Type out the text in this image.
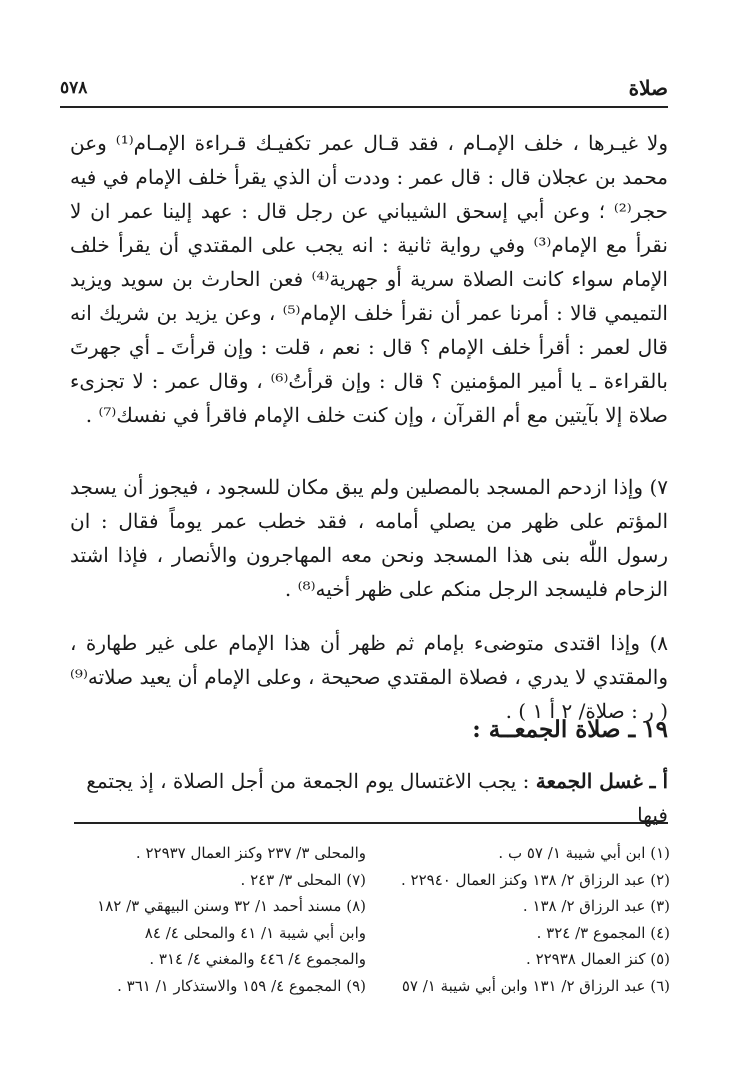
صلاة
٥٧٨

ولا غيـرها ، خلف الإمـام ، فقد قـال عمر تكفيـك قـراءة الإمـام⁽¹⁾ وعن محمد بن عجلان قال : قال عمر : وددت أن الذي يقرأ خلف الإمام في فيه حجر⁽²⁾ ؛ وعن أبي إسحق الشيباني عن رجل قال : عهد إلينا عمر ان لا نقرأ مع الإمام⁽³⁾ وفي رواية ثانية : انه يجب على المقتدي أن يقرأ خلف الإمام سواء كانت الصلاة سرية أو جهرية⁽⁴⁾ فعن الحارث بن سويد ويزيد التميمي قالا : أمرنا عمر أن نقرأ خلف الإمام⁽⁵⁾ ، وعن يزيد بن شريك انه قال لعمر : أقرأ خلف الإمام ؟ قال : نعم ، قلت : وإن قرأتَ ـ أي جهرتَ بالقراءة ـ يا أمير المؤمنين ؟ قال : وإن قرأتُ⁽⁶⁾ ، وقال عمر : لا تجزىء صلاة إلا بآيتين مع أم القرآن ، وإن كنت خلف الإمام فاقرأ في نفسك⁽⁷⁾ .

٧) وإذا ازدحم المسجد بالمصلين ولم يبق مكان للسجود ، فيجوز أن يسجد المؤتم على ظهر من يصلي أمامه ، فقد خطب عمر يوماً فقال : ان رسول اللّٰه بنى هذا المسجد ونحن معه المهاجرون والأنصار ، فإذا اشتد الزحام فليسجد الرجل منكم على ظهر أخيه⁽⁸⁾ .

٨) وإذا اقتدى متوضىء بإمام ثم ظهر أن هذا الإمام على غير طهارة ، والمقتدي لا يدري ، فصلاة المقتدي صحيحة ، وعلى الإمام أن يعيد صلاته⁽⁹⁾ ( ر : صلاة/ ٢ أ ١ ) .

١٩ ـ صلاة الجمعــة :
أ ـ غسل الجمعة : يجب الاغتسال يوم الجمعة من أجل الصلاة ، إذ يجتمع فيها
(١) ابن أبي شيبة ١/ ٥٧ ب .
(٢) عبد الرزاق ٢/ ١٣٨ وكنز العمال ٢٢٩٤٠ .
(٣) عبد الرزاق ٢/ ١٣٨ .
(٤) المجموع ٣/ ٣٢٤ .
(٥) كنز العمال ٢٢٩٣٨ .
(٦) عبد الرزاق ٢/ ١٣١ وابن أبي شيبة ١/ ٥٧
والمحلى ٣/ ٢٣٧ وكنز العمال ٢٢٩٣٧ .
(٧) المحلى ٣/ ٢٤٣ .
(٨) مسند أحمد ١/ ٣٢ وسنن البيهقي ٣/ ١٨٢
وابن أبي شيبة ١/ ٤١ والمحلى ٤/ ٨٤
والمجموع ٤/ ٤٤٦ والمغني ٤/ ٣١٤ .
(٩) المجموع ٤/ ١٥٩ والاستذكار ١/ ٣٦١ .
